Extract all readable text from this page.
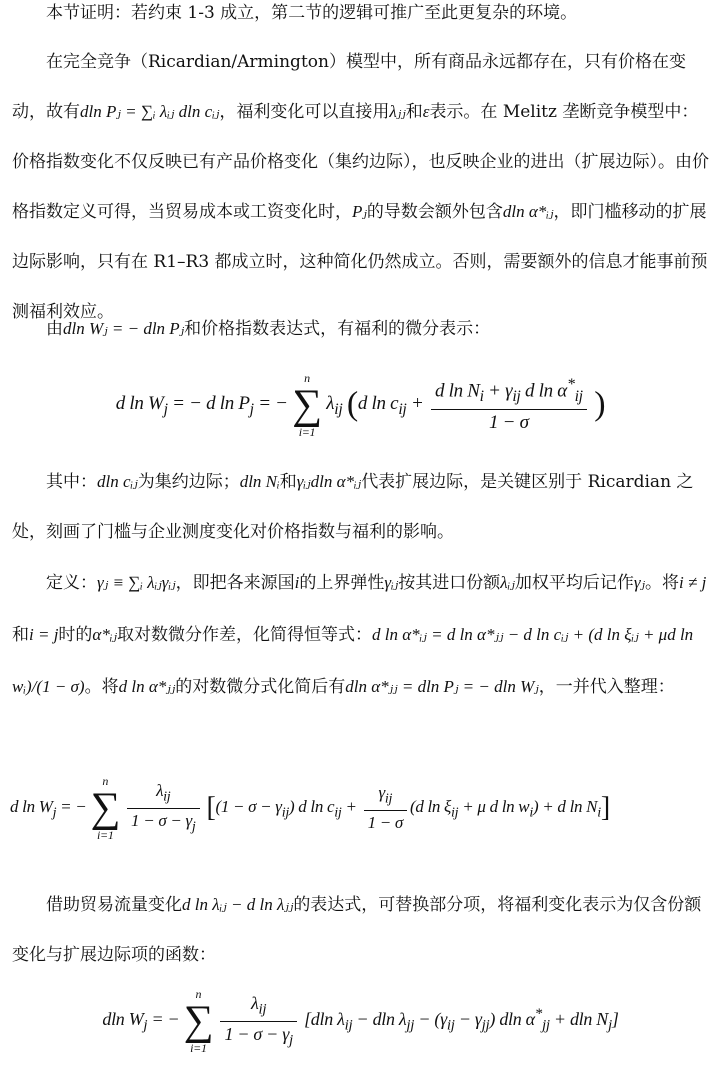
本节证明：若约束 1-3 成立，第二节的逻辑可推广至此更复杂的环境。
在完全竞争（Ricardian/Armington）模型中，所有商品永远都存在，只有价格在变动，故有dln Pⱼ = ∑ᵢ λᵢⱼ dln cᵢⱼ，福利变化可以直接用λⱼⱼ和ε表示。在 Melitz 垄断竞争模型中：价格指数变化不仅反映已有产品价格变化（集约边际），也反映企业的进出（扩展边际）。由价格指数定义可得，当贸易成本或工资变化时，Pⱼ的导数会额外包含dln α*ᵢⱼ，即门槛移动的扩展边际影响，只有在 R1–R3 都成立时，这种简化仍然成立。否则，需要额外的信息才能事前预测福利效应。
由dln Wⱼ = − dln Pⱼ和价格指数表达式，有福利的微分表示：
d $\ln W_j$ = − d $\ln P_j$ = −
n
∑
i=1
$\lambda_{ij}$ (d $\ln c_{ij} + \frac{d \ln N_i + \gamma_{ij} d \ln \alpha^*_{ij}}{1 - \sigma}$ )
其中：dln cᵢⱼ为集约边际；dln Nᵢ和γᵢⱼdln α*ᵢⱼ代表扩展边际，是关键区别于 Ricardian 之处，刻画了门槛与企业测度变化对价格指数与福利的影响。
定义：γⱼ ≡ ∑ᵢ λᵢⱼγᵢⱼ，即把各来源国i的上界弹性γᵢⱼ按其进口份额λᵢⱼ加权平均后记作γⱼ。将i ≠ j和i = j时的α*ᵢⱼ取对数微分作差，化简得恒等式：d ln α*ᵢⱼ = d ln α*ⱼⱼ − d ln cᵢⱼ + (d ln ξᵢⱼ + μd ln wᵢ)/(1 − σ)。将d ln α*ⱼⱼ的对数微分式化简后有dln α*ⱼⱼ = dln Pⱼ = − dln Wⱼ，一并代入整理：
d $\ln W_j$ = −
n
∑
i=1

$\frac{\lambda_{ij}}{1 - \sigma - \gamma_j} [(1 - \sigma - \gamma_{ij})$ d $\ln c_{ij} + \frac{\gamma_{ij}}{1 - \sigma} (d$ $\ln \xi_{ij} + \mu$ d $\ln w_i) + d$ $\ln N_i$]
借助贸易流量变化d ln λᵢⱼ − d ln λⱼⱼ的表达式，可替换部分项，将福利变化表示为仅含份额变化与扩展边际项的函数：
dln $W_j$ = −
n
∑
i=1
$\frac{\lambda_{ij}}{1 - \sigma - \gamma_j} [dln$ $\lambda_{ij} - dln$ $\lambda_{jj} - (\gamma_{ij} - \gamma_{jj})$ dln $\alpha^*_{jj} + dln$ $N_j$]
